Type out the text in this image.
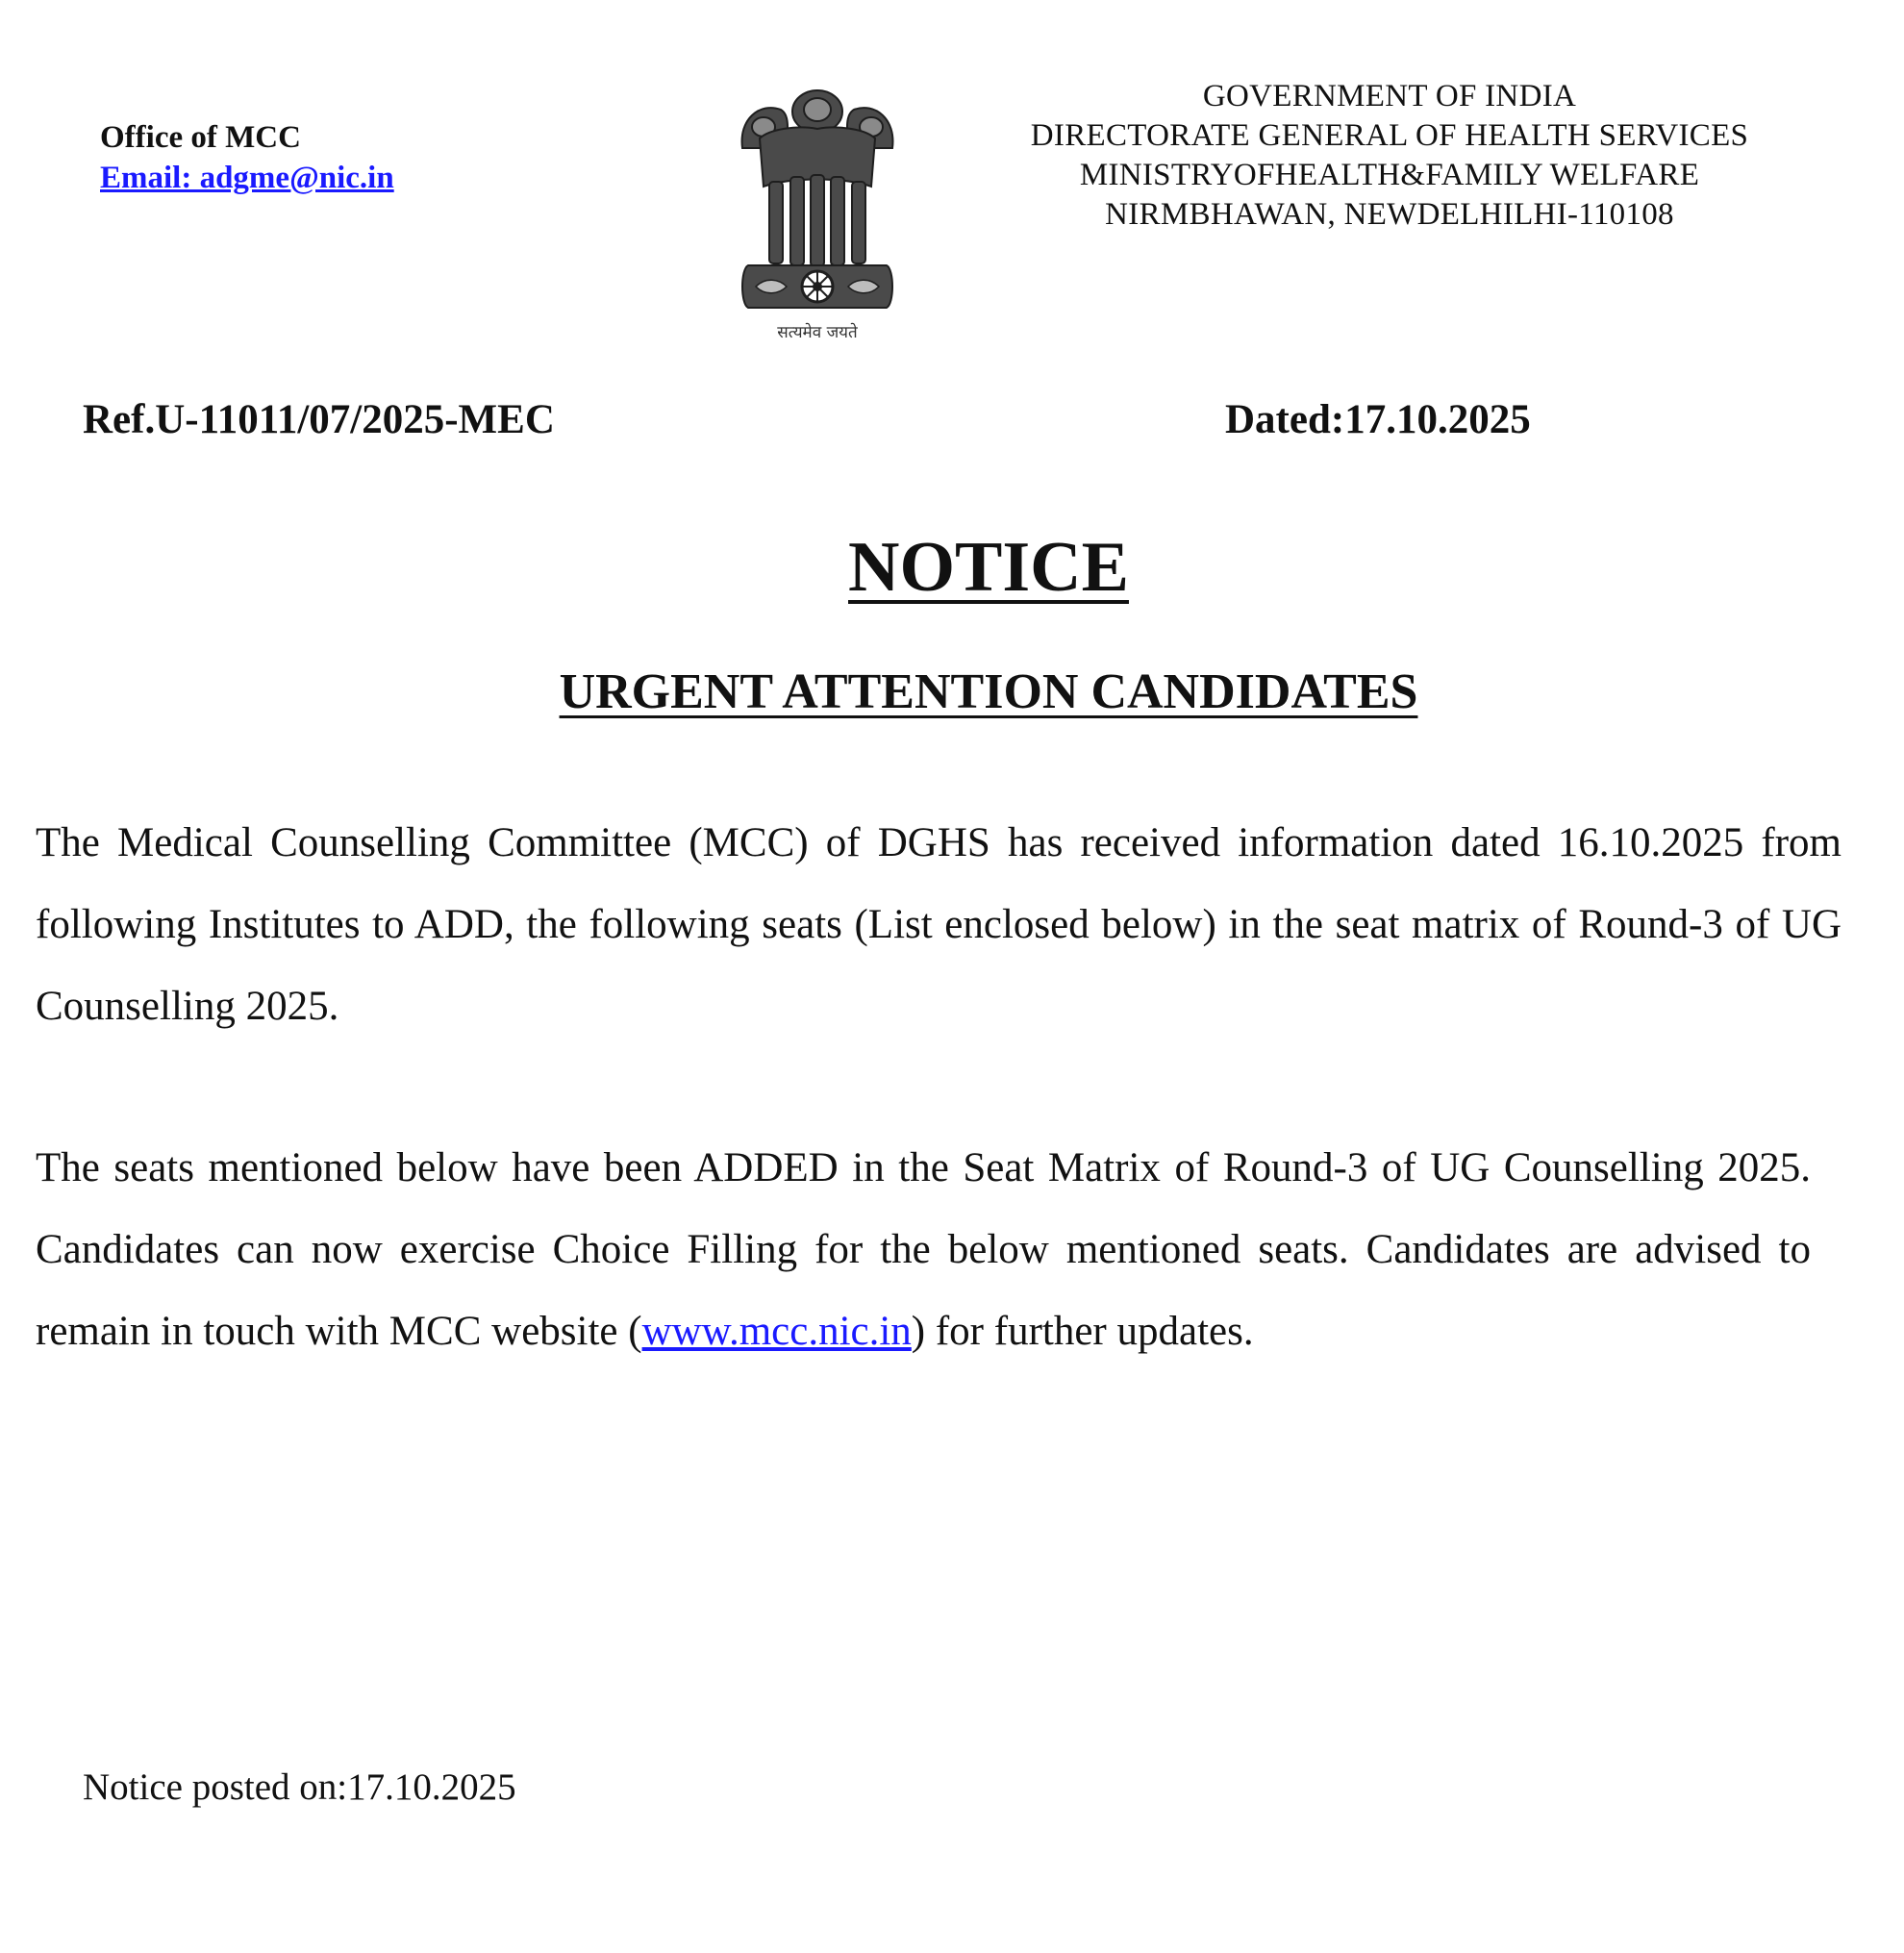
Office of MCC
Email: adgme@nic.in
सत्यमेव जयते
GOVERNMENT OF INDIA
DIRECTORATE GENERAL OF HEALTH SERVICES
MINISTRYOFHEALTH&FAMILY WELFARE
NIRMBHAWAN, NEWDELHILHI-110108
Ref.U-11011/07/2025-MEC	Dated:17.10.2025
NOTICE
URGENT ATTENTION CANDIDATES

The Medical Counselling Committee (MCC) of DGHS has received information dated 16.10.2025 from following Institutes to ADD, the following seats (List enclosed below) in the seat matrix of Round-3 of UG Counselling 2025.

The seats mentioned below have been ADDED in the Seat Matrix of Round-3 of UG Counselling 2025. Candidates can now exercise Choice Filling for the below mentioned seats. Candidates are advised to remain in touch with MCC website (www.mcc.nic.in) for further updates.

Notice posted on:17.10.2025
